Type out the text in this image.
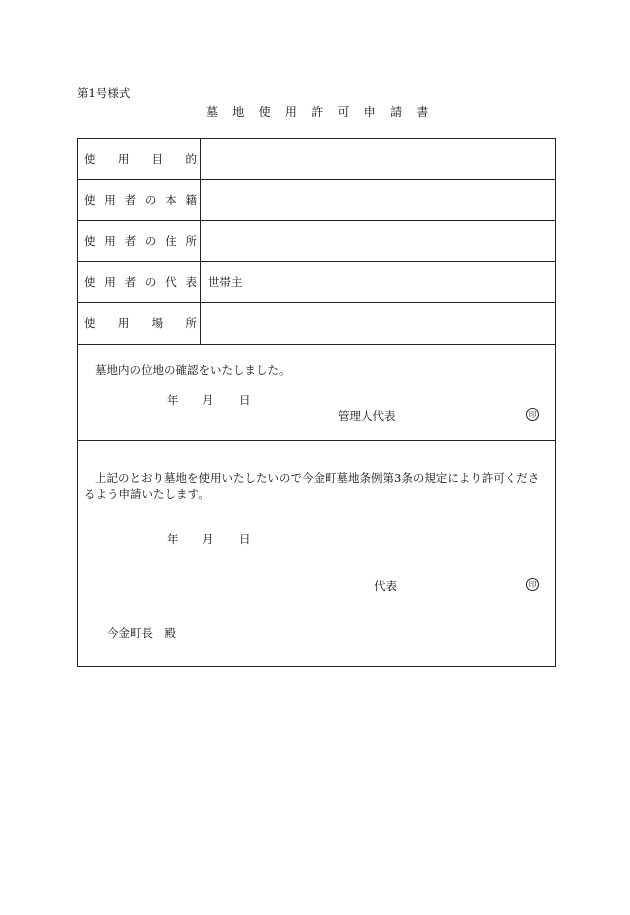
第1号様式
墓地使用許可申請書
使 用 目 的
使 用 者 の 本 籍
使 用 者 の 住 所
使 用 者 の 代 表 世帯主
使 用 場 所
墓地内の位地の確認をいたしました。
年 月 日
管理人代表	印
上記のとおり墓地を使用いたしたいので今金町墓地条例第3条の規定により許可くださ
るよう申請いたします。
年 月 日
代表	印
今金町長　殿
